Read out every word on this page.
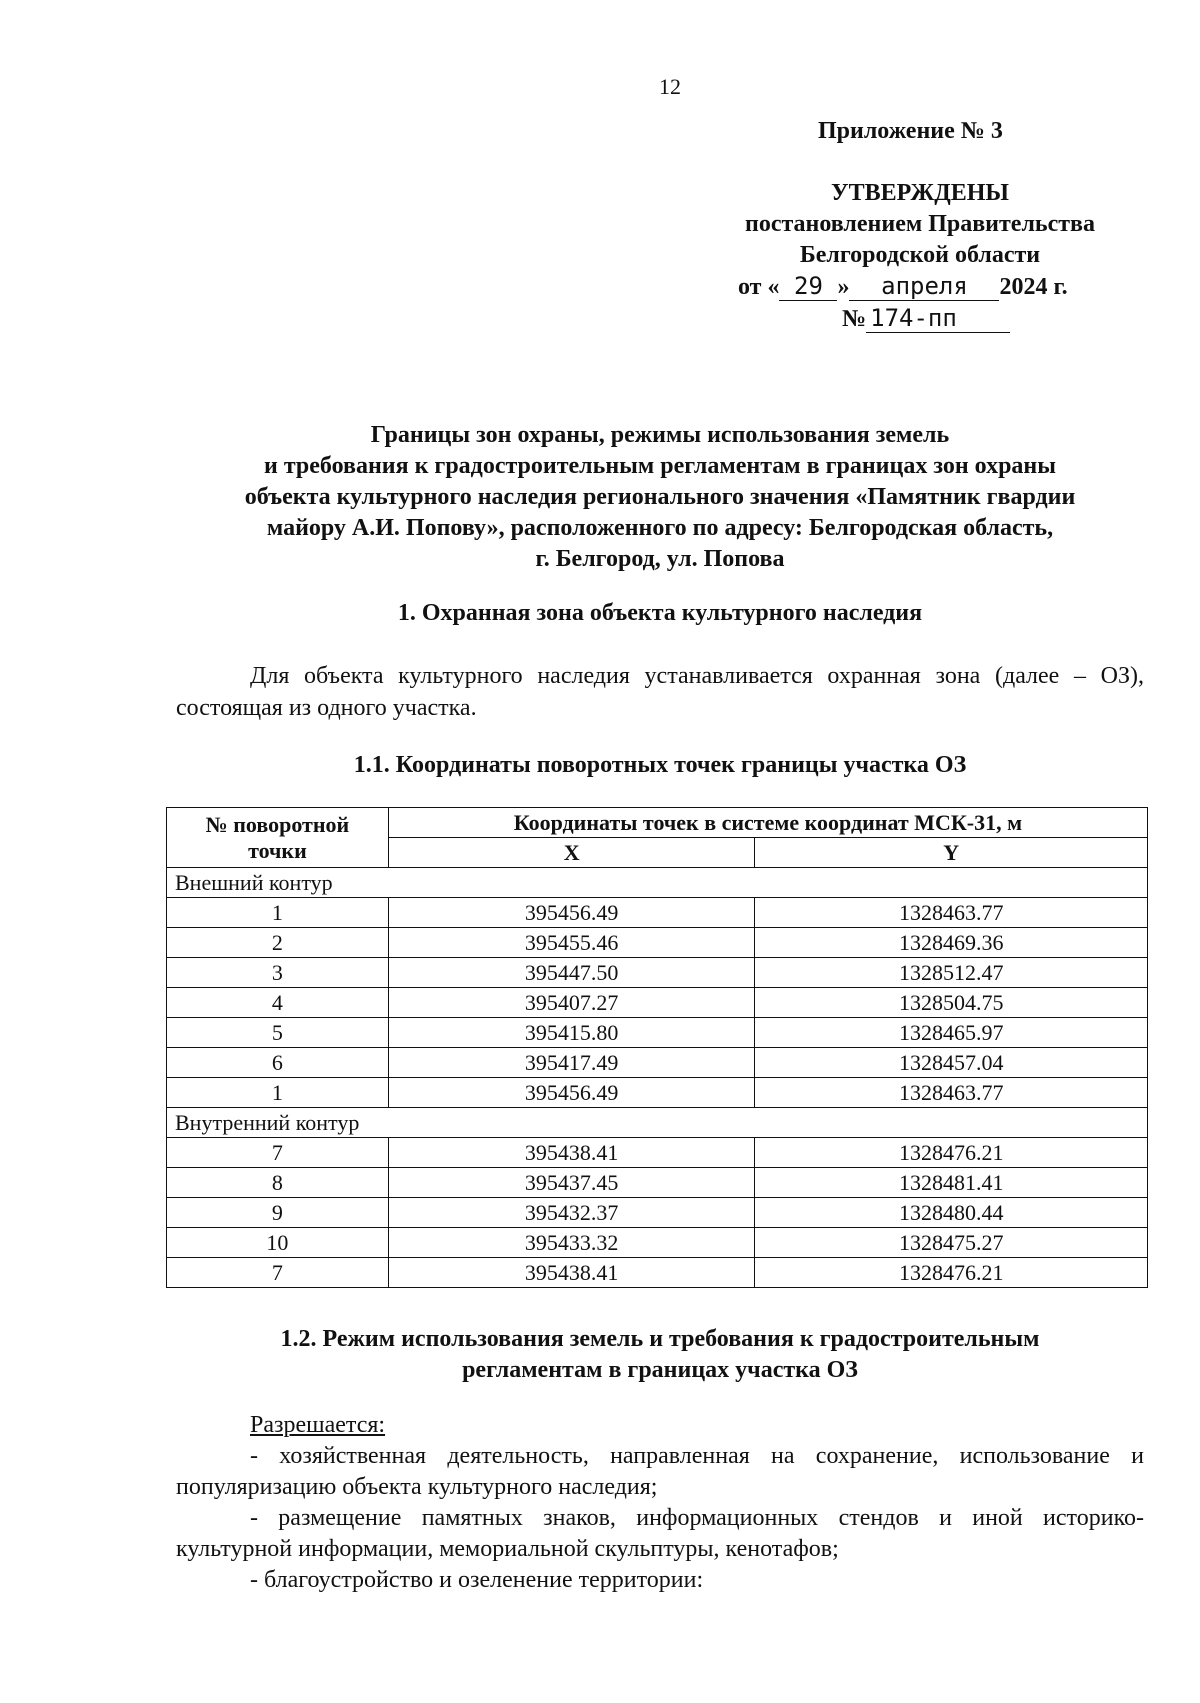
12
Приложение № 3
УТВЕРЖДЕНЫ
постановлением Правительства
Белгородской области
от « 29 » апреля 2024 г.
№ 174-пп
Границы зон охраны, режимы использования земель
и требования к градостроительным регламентам в границах зон охраны
объекта культурного наследия регионального значения «Памятник гвардии
майору А.И. Попову», расположенного по адресу: Белгородская область,
г. Белгород, ул. Попова
1. Охранная зона объекта культурного наследия
Для объекта культурного наследия устанавливается охранная зона (далее – ОЗ), состоящая из одного участка.
1.1. Координаты поворотных точек границы участка ОЗ
№ поворотной
точки	Координаты точек в системе координат МСК-31, м	
	X	Y
Внешний контур		
1	395456.49	1328463.77
2	395455.46	1328469.36
3	395447.50	1328512.47
4	395407.27	1328504.75
5	395415.80	1328465.97
6	395417.49	1328457.04
1	395456.49	1328463.77
Внутренний контур		
7	395438.41	1328476.21
8	395437.45	1328481.41
9	395432.37	1328480.44
10	395433.32	1328475.27
7	395438.41	1328476.21
1.2. Режим использования земель и требования к градостроительным
регламентам в границах участка ОЗ
Разрешается:
- хозяйственная деятельность, направленная на сохранение, использование и популяризацию объекта культурного наследия;
- размещение памятных знаков, информационных стендов и иной историко-культурной информации, мемориальной скульптуры, кенотафов;
- благоустройство и озеленение территории:
